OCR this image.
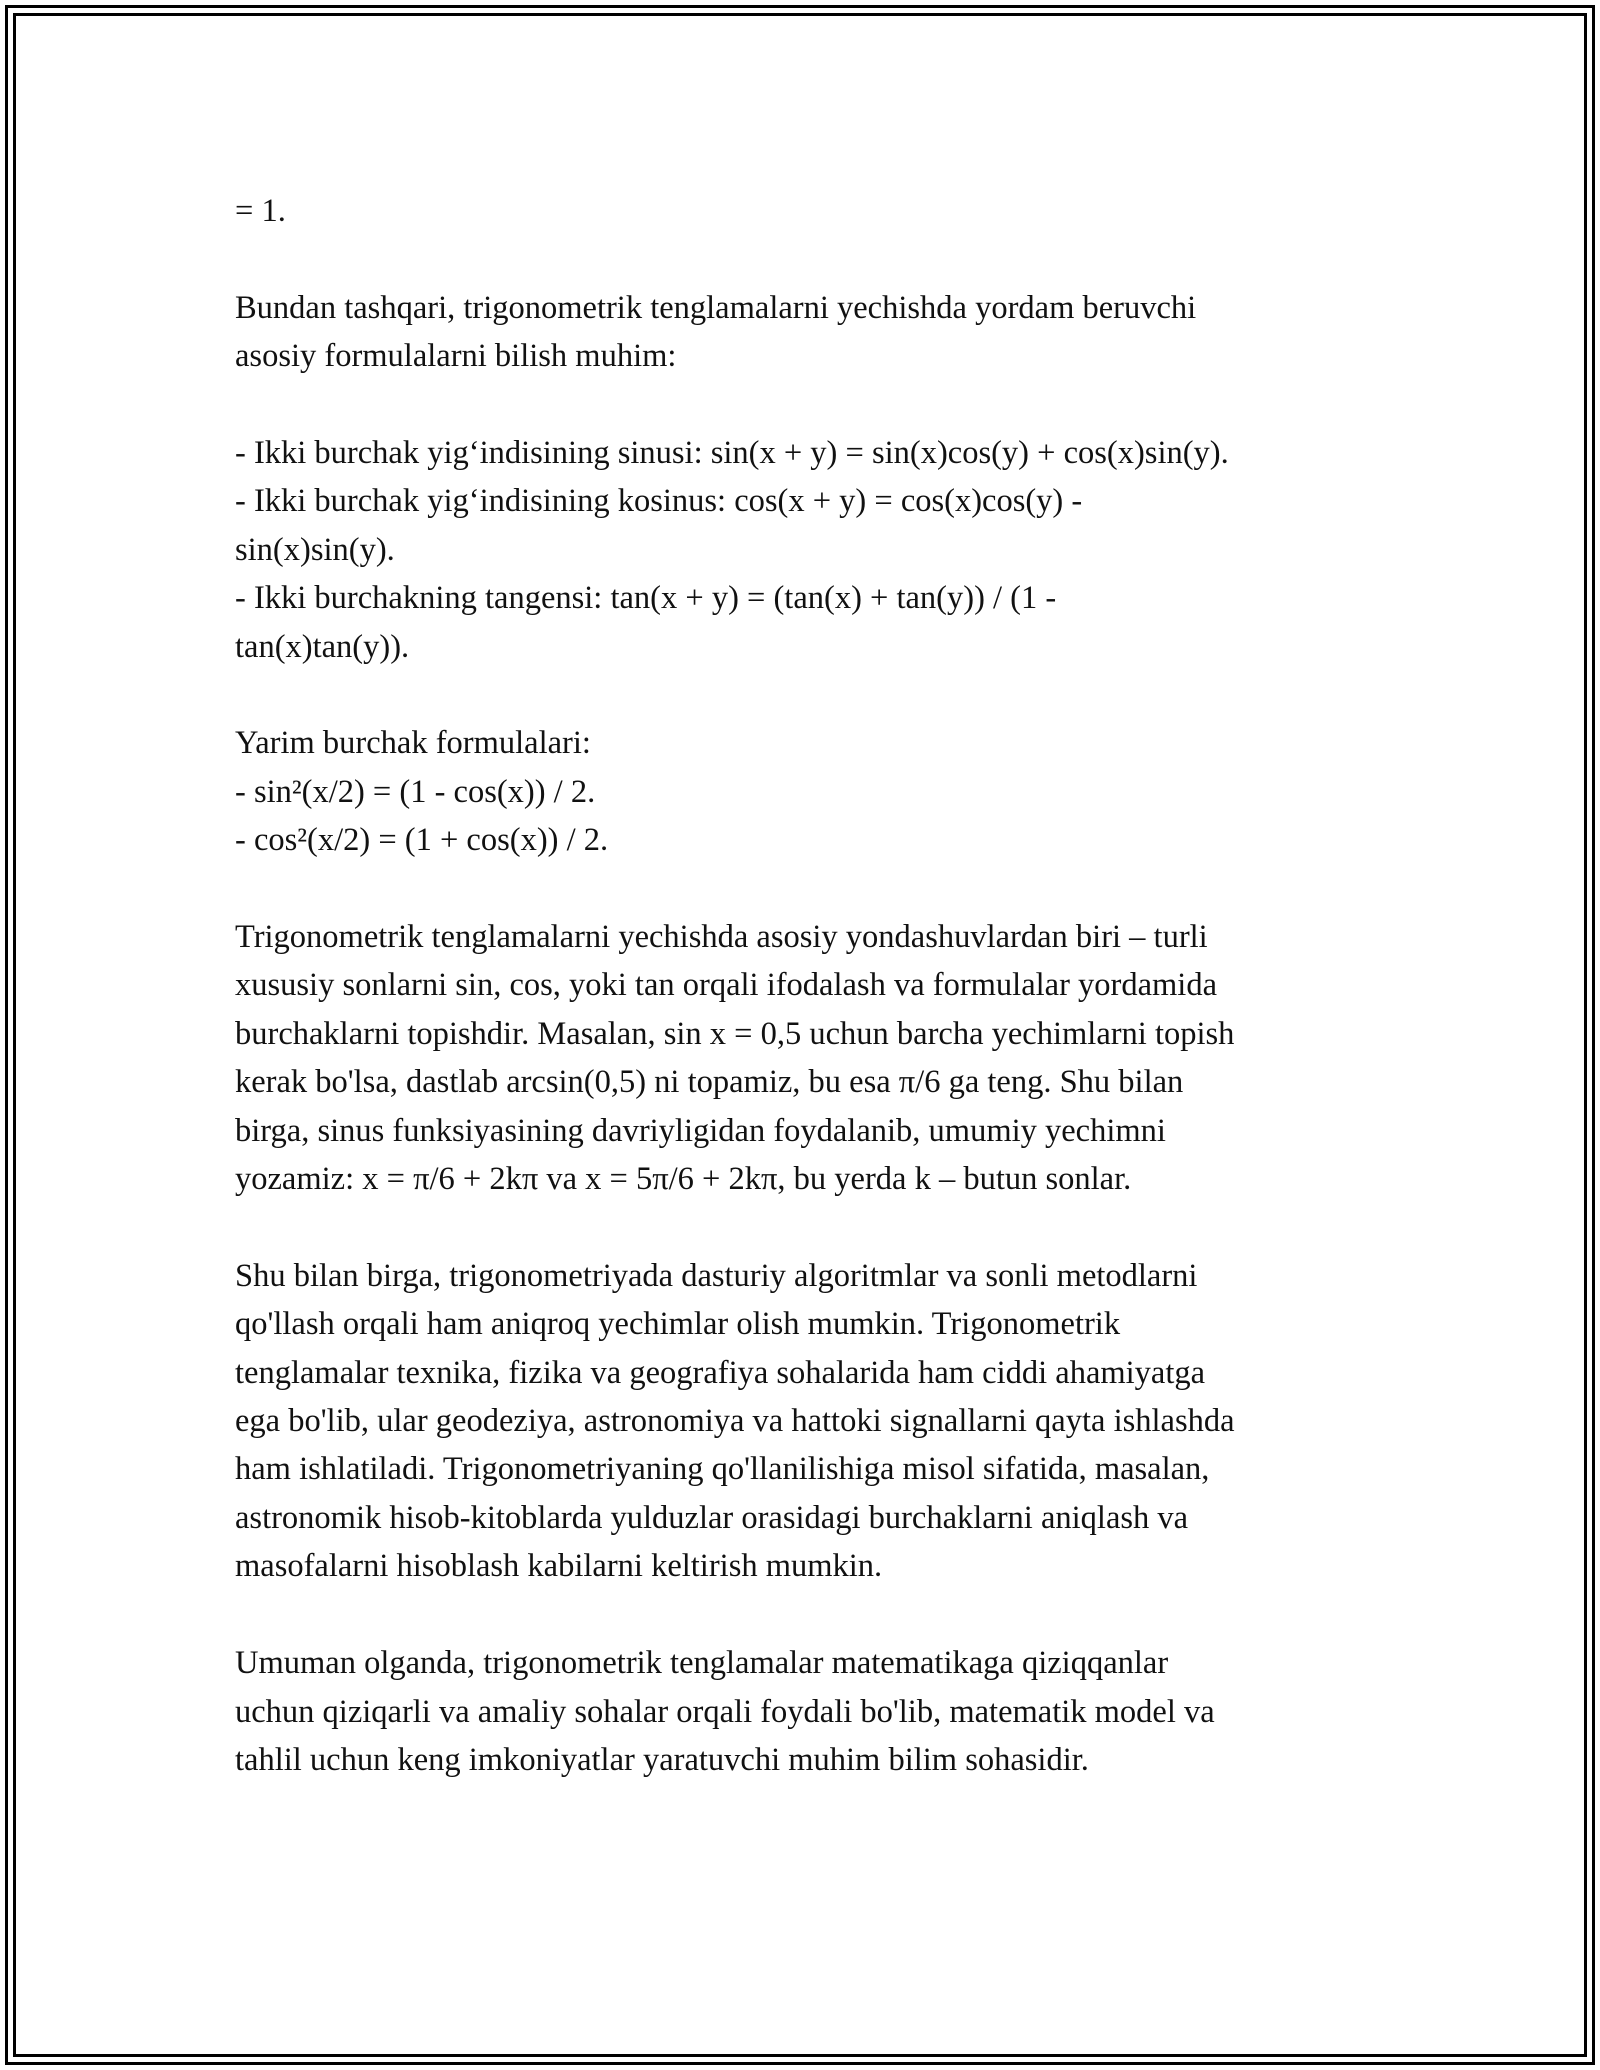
= 1.

Bundan tashqari, trigonometrik tenglamalarni yechishda yordam beruvchi
asosiy formulalarni bilish muhim:

- Ikki burchak yig‘indisining sinusi: sin(x + y) = sin(x)cos(y) + cos(x)sin(y).
- Ikki burchak yig‘indisining kosinus: cos(x + y) = cos(x)cos(y) -
sin(x)sin(y).
- Ikki burchakning tangensi: tan(x + y) = (tan(x) + tan(y)) / (1 -
tan(x)tan(y)).

Yarim burchak formulalari:
- sin²(x/2) = (1 - cos(x)) / 2.
- cos²(x/2) = (1 + cos(x)) / 2.

Trigonometrik tenglamalarni yechishda asosiy yondashuvlardan biri – turli
xususiy sonlarni sin, cos, yoki tan orqali ifodalash va formulalar yordamida
burchaklarni topishdir. Masalan, sin x = 0,5 uchun barcha yechimlarni topish
kerak bo'lsa, dastlab arcsin(0,5) ni topamiz, bu esa π/6 ga teng. Shu bilan
birga, sinus funksiyasining davriyligidan foydalanib, umumiy yechimni
yozamiz: x = π/6 + 2kπ va x = 5π/6 + 2kπ, bu yerda k – butun sonlar.

Shu bilan birga, trigonometriyada dasturiy algoritmlar va sonli metodlarni
qo'llash orqali ham aniqroq yechimlar olish mumkin. Trigonometrik
tenglamalar texnika, fizika va geografiya sohalarida ham ciddi ahamiyatga
ega bo'lib, ular geodeziya, astronomiya va hattoki signallarni qayta ishlashda
ham ishlatiladi. Trigonometriyaning qo'llanilishiga misol sifatida, masalan,
astronomik hisob-kitoblarda yulduzlar orasidagi burchaklarni aniqlash va
masofalarni hisoblash kabilarni keltirish mumkin.

Umuman olganda, trigonometrik tenglamalar matematikaga qiziqqanlar
uchun qiziqarli va amaliy sohalar orqali foydali bo'lib, matematik model va
tahlil uchun keng imkoniyatlar yaratuvchi muhim bilim sohasidir.
